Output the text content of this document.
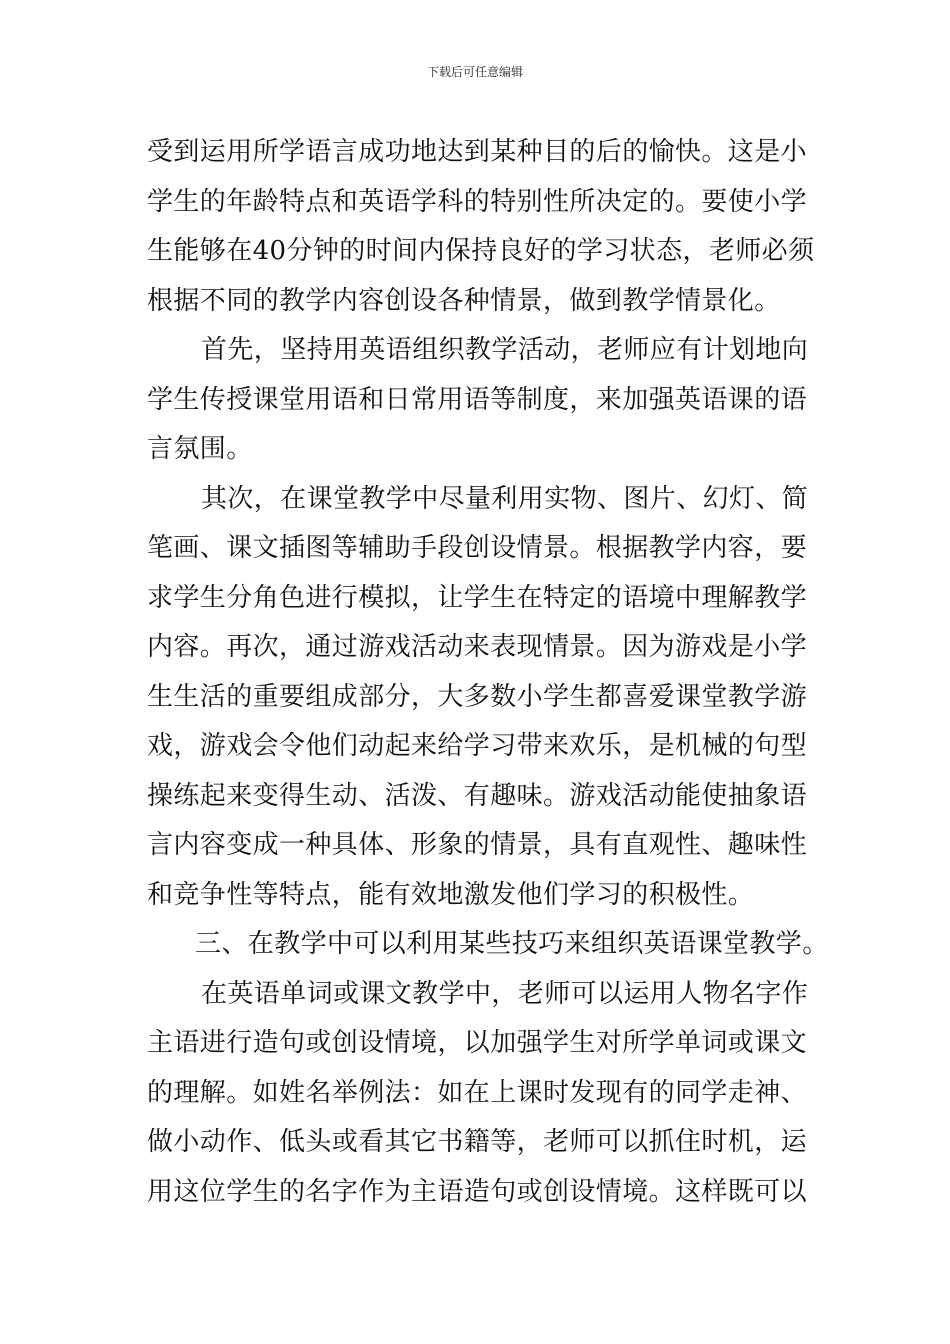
下载后可任意编辑
受到运用所学语言成功地达到某种目的后的愉快。这是小
学生的年龄特点和英语学科的特别性所决定的。要使小学
生能够在40分钟的时间内保持良好的学习状态，老师必须
根据不同的教学内容创设各种情景，做到教学情景化。
首先，坚持用英语组织教学活动，老师应有计划地向
学生传授课堂用语和日常用语等制度，来加强英语课的语
言氛围。
其次，在课堂教学中尽量利用实物、图片、幻灯、简
笔画、课文插图等辅助手段创设情景。根据教学内容，要
求学生分角色进行模拟，让学生在特定的语境中理解教学
内容。再次，通过游戏活动来表现情景。因为游戏是小学
生生活的重要组成部分，大多数小学生都喜爱课堂教学游
戏，游戏会令他们动起来给学习带来欢乐，是机械的句型
操练起来变得生动、活泼、有趣味。游戏活动能使抽象语
言内容变成一种具体、形象的情景，具有直观性、趣味性
和竞争性等特点，能有效地激发他们学习的积极性。
三、在教学中可以利用某些技巧来组织英语课堂教学。
在英语单词或课文教学中，老师可以运用人物名字作
主语进行造句或创设情境，以加强学生对所学单词或课文
的理解。如姓名举例法：如在上课时发现有的同学走神、
做小动作、低头或看其它书籍等，老师可以抓住时机，运
用这位学生的名字作为主语造句或创设情境。这样既可以
